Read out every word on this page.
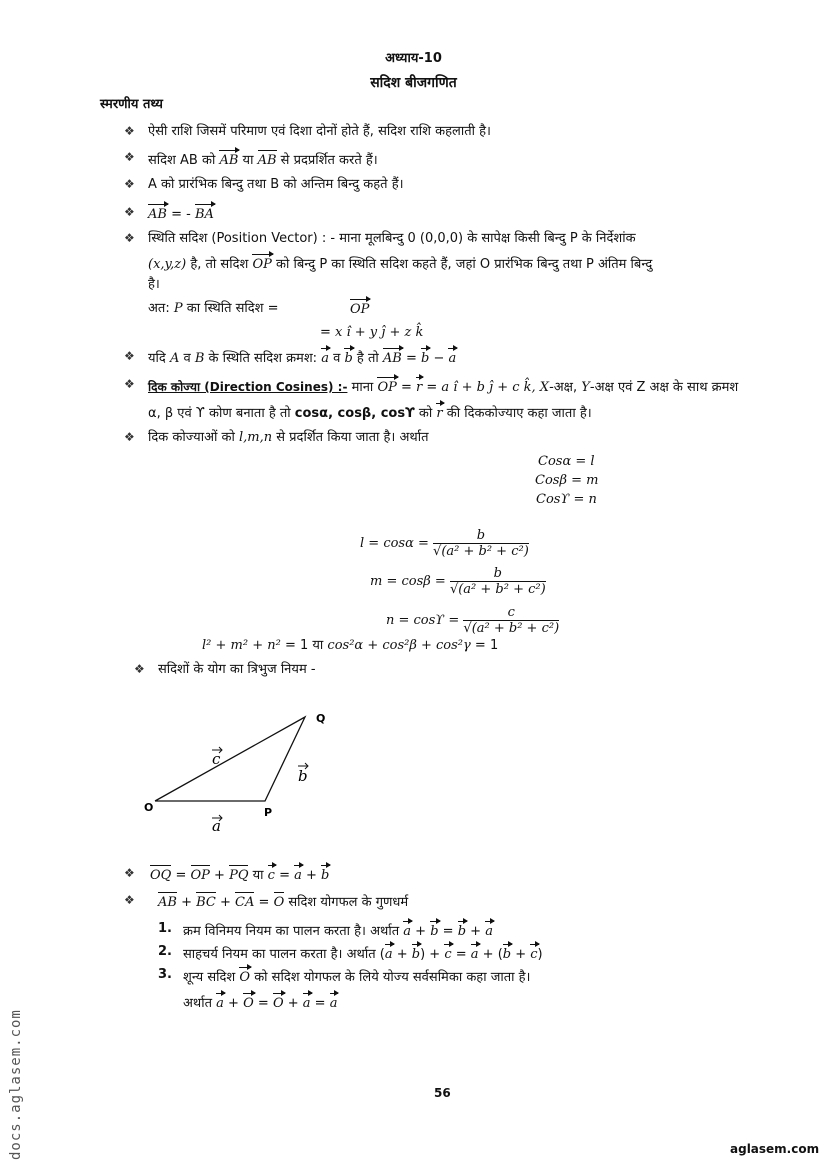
अध्याय-10
सदिश बीजगणित
स्मरणीय तथ्य
ऐसी राशि जिसमें परिमाण एवं दिशा दोनों होते हैं, सदिश राशि कहलाती है।
सदिश AB को AB या AB से प्रदप्रर्शित करते हैं।
A को प्रारंभिक बिन्दु तथा B को अन्तिम बिन्दु कहते हैं।
AB = - BA
स्थिति सदिश (Position Vector) : - माना मूलबिन्दु 0 (0,0,0) के सापेक्ष किसी बिन्दु P के निर्देशांक
(x,y,z) है, तो सदिश OP को बिन्दु P का स्थिति सदिश कहते हैं, जहां O प्रारंभिक बिन्दु तथा P अंतिम बिन्दु
है।
अत: P का स्थिति सदिश =	OP
= x î + y ĵ + z k̂
यदि A व B के स्थिति सदिश क्रमश: a व b है तो AB = b − a
दिक कोज्या (Direction Cosines) :- माना OP = r = a î + b ĵ + c k̂, X-अक्ष, Y-अक्ष एवं Z अक्ष के साथ क्रमश
α, β एवं ϒ कोण बनाता है तो cosα, cosβ, cosϒ को r की दिककोज्याए कहा जाता है।
दिक कोज्याओं को l,m,n से प्रदर्शित किया जाता है। अर्थात
Cosα = l
Cosβ = m
Cosϒ = n
$l = \cos\alpha = \frac{b}{\text{√(a² + b² + c²)}}$
$m = \cos\beta = \frac{b}{\text{√(a² + b² + c²)}}$
$n = \cos ϒ = \frac{c}{\text{√(a² + b² + c²)}}$
l² + m² + n² = 1 या cos²α + cos²β + cos²γ = 1
सदिशों के योग का त्रिभुज नियम -
O	P
Q
c
b
a
OQ = OP + PQ या c = a + b
AB + BC + CA = O सदिश योगफल के गुणधर्म
1. क्रम विनिमय नियम का पालन करता है। अर्थात a + b = b + a
2. साहचर्य नियम का पालन करता है। अर्थात (a + b) + c = a + (b + c)
3. शून्य सदिश O को सदिश योगफल के लिये योज्य सर्वसमिका कहा जाता है।
अर्थात a + O = O + a = a
❖
❖
❖
❖
❖
❖
❖
❖
❖
❖
❖
56
aglasem.com
docs.aglasem.com
